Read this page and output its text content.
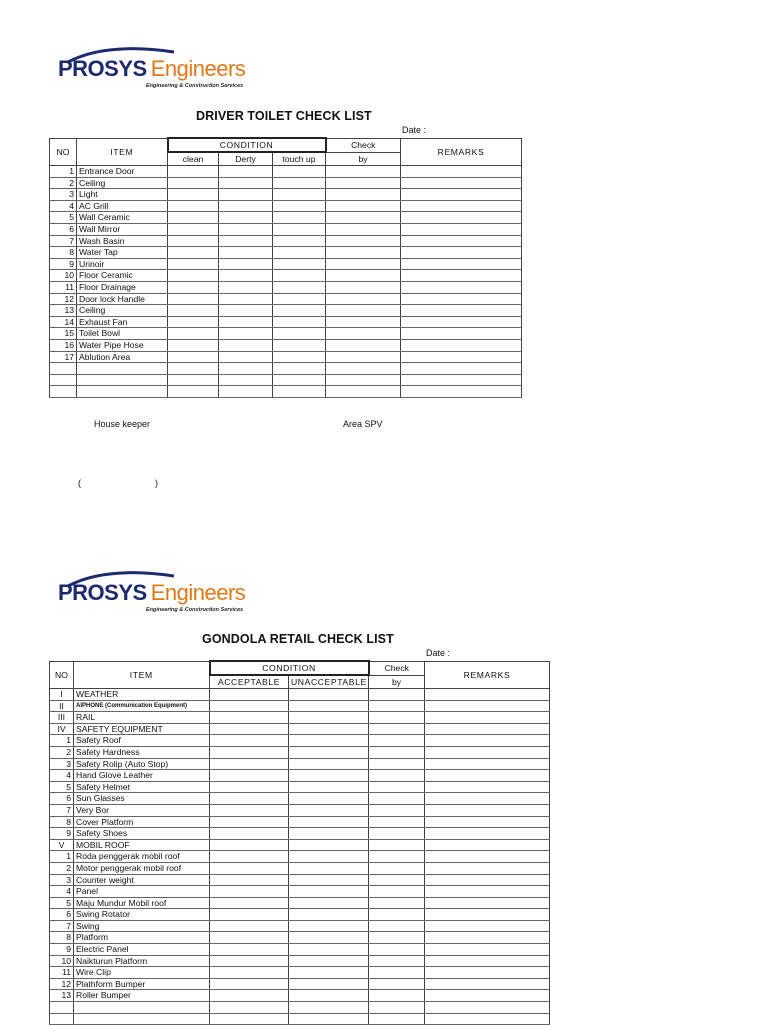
PROSYS Engineers
Engineering & Construction Services
DRIVER TOILET CHECK LIST
Date :
NO	ITEM	CONDITION			Check	REMARKS
		clean	Derty	touch up	by	
1	Entrance Door					
2	Ceiling					
3	Light					
4	AC Grill					
5	Wall Ceramic					
6	Wall Mirror					
7	Wash Basin					
8	Water Tap					
9	Urinoir					
10	Floor Ceramic					
11	Floor Drainage					
12	Door lock Handle					
13	Ceiling					
14	Exhaust Fan					
15	Toilet Bowl					
16	Water Pipe Hose					
17	Ablution Area					

House keeper	Area SPV
(	)
PROSYS Engineers
Engineering & Construction Services
GONDOLA RETAIL CHECK LIST
Date :
NO	ITEM	CONDITION		Check	REMARKS
		ACCEPTABLE	UNACCEPTABLE	by	
I	WEATHER				
II	AIPHONE (Communication Equipment)				
III	RAIL				
IV	SAFETY EQUIPMENT				
1	Safety Roof				
2	Safety Hardness				
3	Safety Rolip (Auto Stop)				
4	Hand Glove Leather				
5	Safety Helmet				
6	Sun Glasses				
7	Very Bor				
8	Cover Platform				
9	Safety Shoes				
V	MOBIL ROOF				
1	Roda penggerak mobil roof				
2	Motor penggerak mobil roof				
3	Counter weight				
4	Panel				
5	Maju Mundur Mobil roof				
6	Swing Rotator				
7	Swing				
8	Platform				
9	Electric Panel				
10	Naikturun Platform				
11	Wire Clip				
12	Plathform Bumper				
13	Roller Bumper				
